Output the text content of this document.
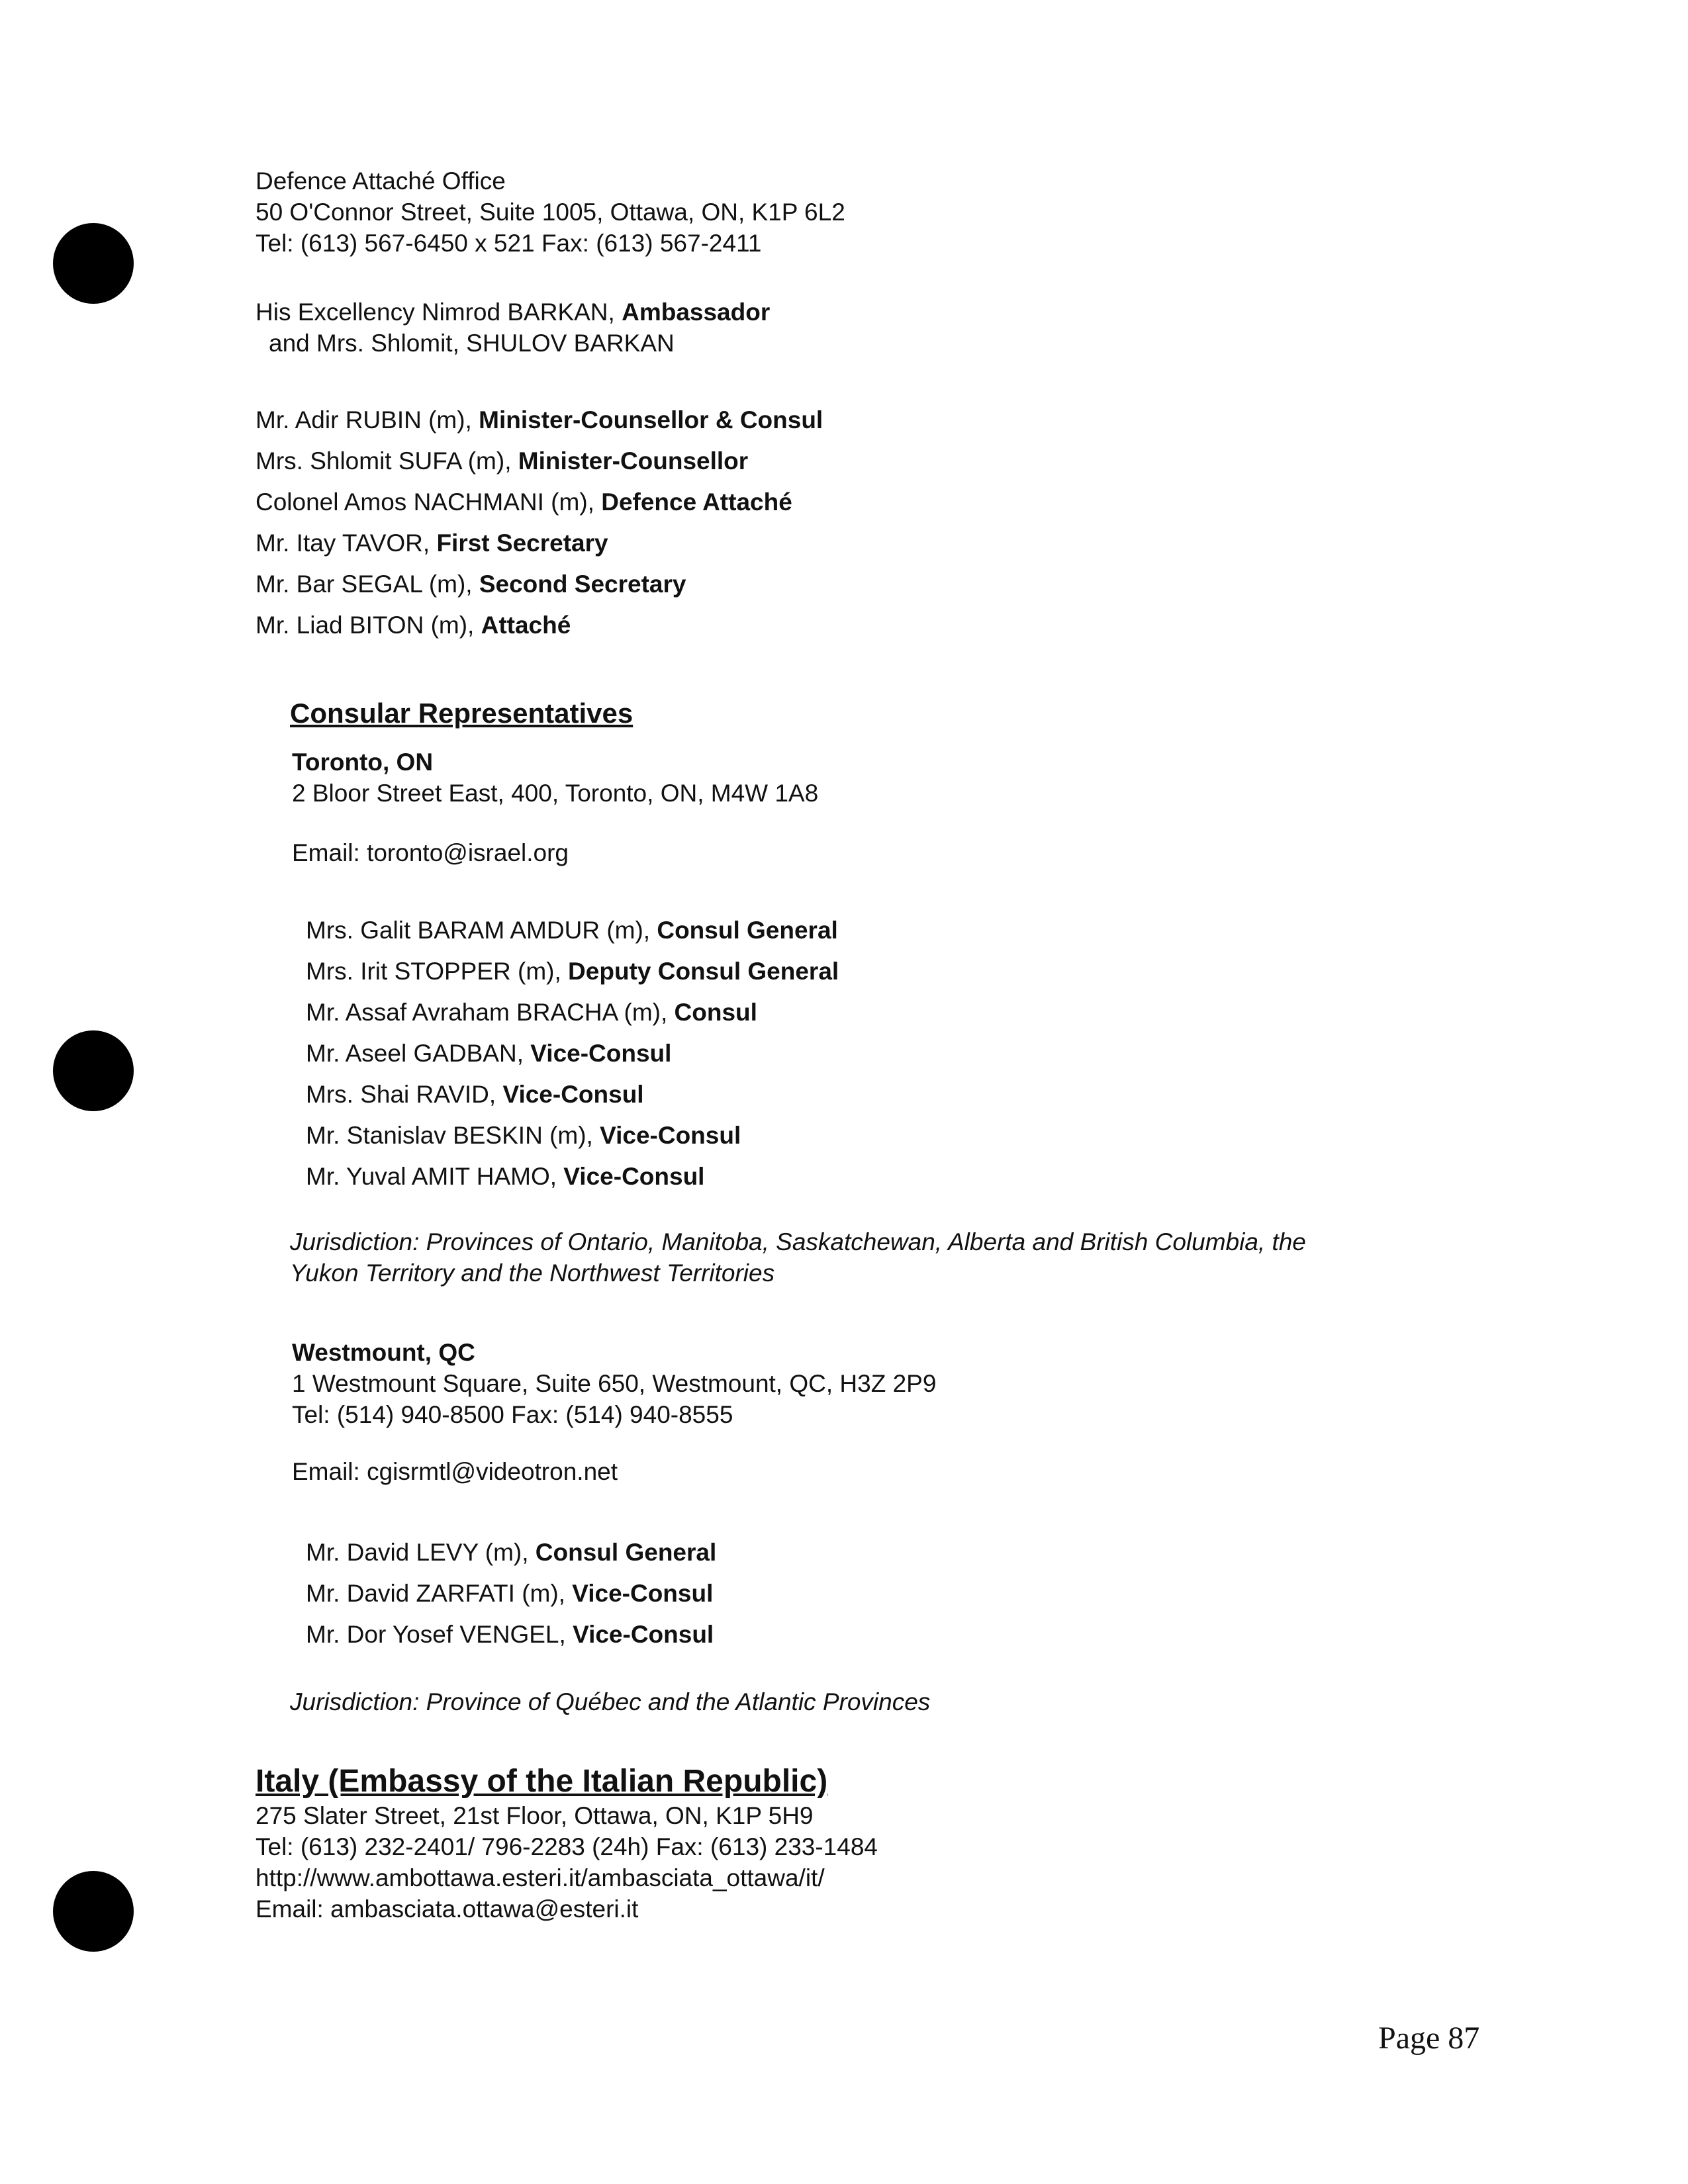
Defence Attaché Office
50 O'Connor Street, Suite 1005, Ottawa, ON, K1P 6L2
Tel: (613) 567-6450 x 521 Fax: (613) 567-2411
His Excellency Nimrod BARKAN, Ambassador
and Mrs. Shlomit, SHULOV BARKAN
Mr. Adir RUBIN (m), Minister-Counsellor & Consul
Mrs. Shlomit SUFA (m), Minister-Counsellor
Colonel Amos NACHMANI (m), Defence Attaché
Mr. Itay TAVOR, First Secretary
Mr. Bar SEGAL (m), Second Secretary
Mr. Liad BITON (m), Attaché
Consular Representatives
Toronto, ON
2 Bloor Street East, 400, Toronto, ON, M4W 1A8
Email: toronto@israel.org
Mrs. Galit BARAM AMDUR (m), Consul General
Mrs. Irit STOPPER (m), Deputy Consul General
Mr. Assaf Avraham BRACHA (m), Consul
Mr. Aseel GADBAN, Vice-Consul
Mrs. Shai RAVID, Vice-Consul
Mr. Stanislav BESKIN (m), Vice-Consul
Mr. Yuval AMIT HAMO, Vice-Consul
Jurisdiction: Provinces of Ontario, Manitoba, Saskatchewan, Alberta and British Columbia, the
Yukon Territory and the Northwest Territories
Westmount, QC
1 Westmount Square, Suite 650, Westmount, QC, H3Z 2P9
Tel: (514) 940-8500 Fax: (514) 940-8555
Email: cgisrmtl@videotron.net
Mr. David LEVY (m), Consul General
Mr. David ZARFATI (m), Vice-Consul
Mr. Dor Yosef VENGEL, Vice-Consul
Jurisdiction: Province of Québec and the Atlantic Provinces
Italy (Embassy of the Italian Republic)
275 Slater Street, 21st Floor, Ottawa, ON, K1P 5H9
Tel: (613) 232-2401/ 796-2283 (24h) Fax: (613) 233-1484
http://www.ambottawa.esteri.it/ambasciata_ottawa/it/
Email: ambasciata.ottawa@esteri.it
Page 87
